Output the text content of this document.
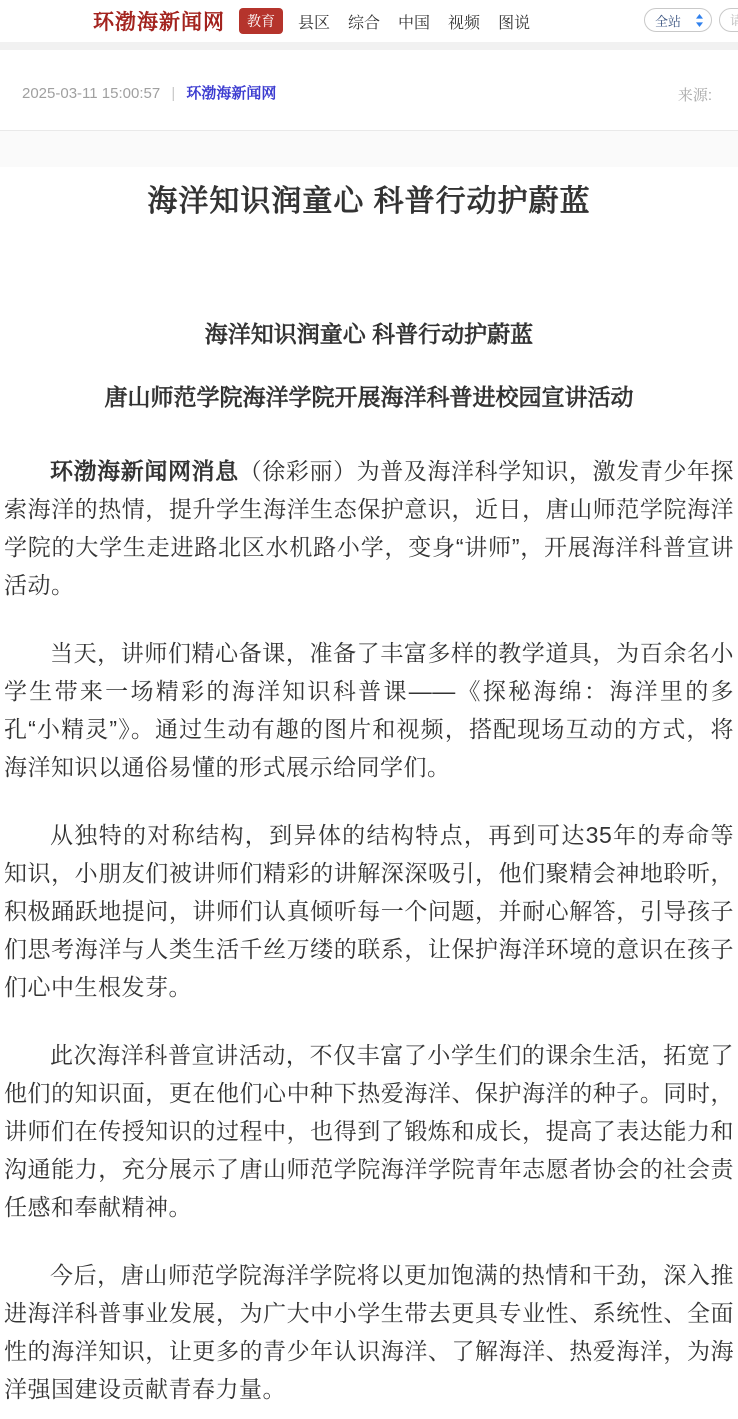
环渤海新闻网	教育	县区 综合 中国 视频 图说	全站
请输入
2025-03-11 15:00:57 | 环渤海新闻网	来源:
海洋知识润童心 科普行动护蔚蓝
海洋知识润童心 科普行动护蔚蓝
唐山师范学院海洋学院开展海洋科普进校园宣讲活动

环渤海新闻网消息（徐彩丽）为普及海洋科学知识，激发青少年探索海洋的热情，提升学生海洋生态保护意识，近日，唐山师范学院海洋学院的大学生走进路北区水机路小学，变身“讲师”，开展海洋科普宣讲活动。

当天，讲师们精心备课，准备了丰富多样的教学道具，为百余名小学生带来一场精彩的海洋知识科普课——《探秘海绵：海洋里的多孔“小精灵”》。通过生动有趣的图片和视频，搭配现场互动的方式，将海洋知识以通俗易懂的形式展示给同学们。

从独特的对称结构，到异体的结构特点，再到可达35年的寿命等知识，小朋友们被讲师们精彩的讲解深深吸引，他们聚精会神地聆听，积极踊跃地提问，讲师们认真倾听每一个问题，并耐心解答，引导孩子们思考海洋与人类生活千丝万缕的联系，让保护海洋环境的意识在孩子们心中生根发芽。

此次海洋科普宣讲活动，不仅丰富了小学生们的课余生活，拓宽了他们的知识面，更在他们心中种下热爱海洋、保护海洋的种子。同时，讲师们在传授知识的过程中，也得到了锻炼和成长，提高了表达能力和沟通能力，充分展示了唐山师范学院海洋学院青年志愿者协会的社会责任感和奉献精神。

今后，唐山师范学院海洋学院将以更加饱满的热情和干劲，深入推进海洋科普事业发展，为广大中小学生带去更具专业性、系统性、全面性的海洋知识，让更多的青少年认识海洋、了解海洋、热爱海洋，为海洋强国建设贡献青春力量。
